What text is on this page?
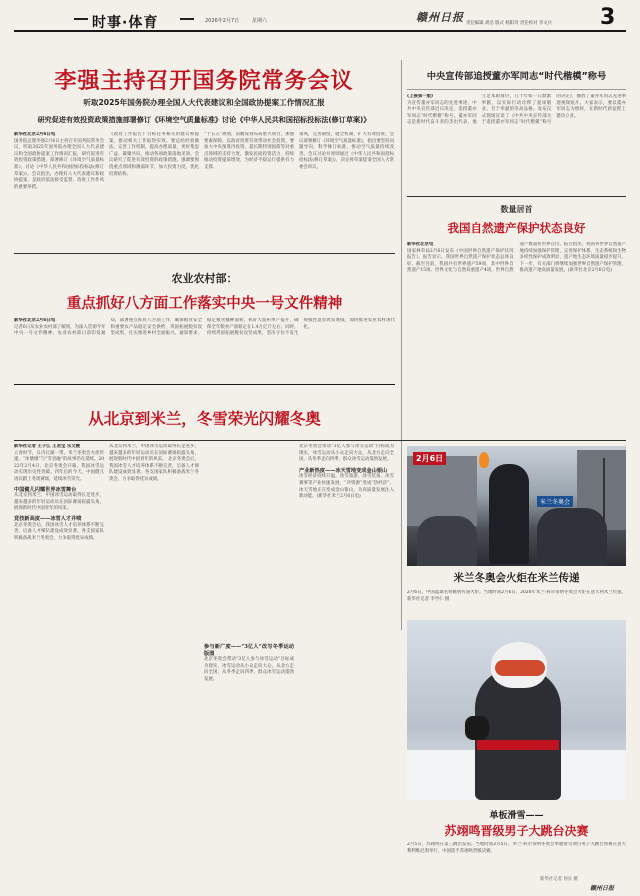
时事·体育	2026年2月7日	星期六	赣州日报 责任编辑 胡浩 版式 杨阳诗 责任校对 李文兵 3
李强主持召开国务院常务会议
听取2025年国务院办理全国人大代表建议和全国政协提案工作情况汇报
研究促进有效投资政策措施部署修订《环境空气质量标准》讨论《中华人民共和国招标投标法(修订草案)》
新华社北京2月6日电
国务院总理李强2月6日主持召开国务院常务会议，听取2025年国务院办理全国人大代表建议和全国政协提案工作情况汇报，研究促进有效投资政策措施，部署修订《环境空气质量标准》，讨论《中华人民共和国招标投标法(修订草案)》。会议指出，办理好人大代表建议和政协提案，是政府依法接受监督、改进工作作风的重要举措。
《政府工作报告》目标任务相关的建议和提案，推动相关工作取得实效。要总结经验做法，完善工作机制，提高办理质量，更好集思广益、凝聚共识，推动各项政策落地见效。会议研究了促进有效投资的政策措施，强调要围绕重点领域和薄弱环节，加大投资力度，优化投资结构。
“十五五”规划，前瞻谋划布局重大项目，加强要素保障，以政府投资有效带动社会投资。要加大中央预算内投资、超长期特别国债等对重点领域的支持力度，激发民间投资活力，持续推动投资提质增效，为经济平稳运行提供有力支撑。
领域，完善制度，健全机制，扩大有效投资。会议部署修订《环境空气质量标准》，指出要坚持问题导向，科学修订标准，推动空气质量持续改善。会议讨论并原则通过《中华人民共和国招标投标法(修订草案)》，决定将草案提请全国人大常委会审议。
中央宣传部追授董亦军同志“时代楷模”称号
(上接第一版)
为宣传董亦军同志的先进事迹，中共中央宣传部近日决定，追授董亦军同志“时代楷模”称号。董亦军同志是新时代奋斗者的杰出代表，他立足本职岗位，几十年如一日默默奉献，以实际行动诠释了爱岗敬业、甘于奉献的崇高品格。发布仪式现场宣读了《中共中央宣传部关于追授董亦军同志“时代楷模”称号的决定》，播放了董亦军同志先进事迹视频短片。大家表示，要以董亦军同志为榜样，在新时代新征程上建功立业。
数量居首
我国自然遗产保护状态良好
新华社北京电
国家林草局2月6日发布《中国世界自然遗产保护状况报告》，报告显示，我国世界自然遗产保护状态总体良好。截至目前，我国共有世界遗产59项，其中世界自然遗产15项、世界文化与自然双重遗产4项，世界自然遗产数量居世界首位。报告指出，我国各世界自然遗产地持续加强保护管理，完善保护体系，生态系统和生物多样性保护成效明显，遗产地生态环境质量稳步提升。下一步，有关部门将继续加强世界自然遗产保护管理，推动遗产地高质量发展。(新华社北京2月6日电)
农业农村部：
重点抓好八方面工作落实中央一号文件精神
新华社北京2月6日电
记者6日从农业农村部了解到，为深入贯彻今年中央一号文件精神，农业农村部日前印发通知，部署重点抓好八方面工作，确保粮食安全和重要农产品稳定安全供给，巩固拓展脱贫攻坚成果，扎实推进乡村全面振兴。通知要求，稳定粮食播种面积，抓好大面积单产提升，确保全年粮食产量稳定在1.4万亿斤左右。同时，持续巩固拓展脱贫攻坚成果，坚决守住不发生规模性返贫致贫底线，加快推进农业农村现代化。
从北京到米兰，冬雪荣光闪耀冬奥
新华社记者 王子江 王君宝 乐文婉
立春时节，日内瓦湖一带，米兰冬奥会火炬传递。“冰墩墩”与“雪容融”的故事仍在延续。2022年2月4日，北京冬奥会开幕，我国冰雪运动实现历史性突破。四年后的今天，中国健儿再次踏上冬奥赛场，延续冰雪荣光。
中国健儿闪耀世界冰雪舞台
从北京到米兰，中国冰雪运动取得长足进步，越来越多的年轻运动员在国际赛场崭露头角，展现新时代中国青年的风采。
竞技新高度——冰雪人才井喷
北京冬奥会后，我国冰雪人才培养体系不断完善，后备人才梯队建设成效显著。各支国家队积极备战米兰冬奥会，力争取得优异成绩。
从北京到米兰，中国冰雪运动取得长足进步，越来越多的年轻运动员在国际赛场崭露头角，展现新时代中国青年的风采。 北京冬奥会后，我国冰雪人才培养体系不断完善，后备人才梯队建设成效显著。各支国家队积极备战米兰冬奥会，力争取得优异成绩。
参与新广度——“3亿人”改写冬季运动版图
北京冬奥会带动“3亿人参与冰雪运动”目标成为现实，冰雪运动从小众走向大众，从北方走向全国，从冬季走向四季，群众冰雪运动蓬勃发展。
北京冬奥会带动“3亿人参与冰雪运动”目标成为现实，冰雪运动从小众走向大众，从北方走向全国，从冬季走向四季，群众冰雪运动蓬勃发展。
产业新热度——冰天雪地变成金山银山
冰雪经济持续升温，冰雪旅游、冰雪装备、冰雪赛事等产业快速发展，“冷资源”变成“热经济”，冰天雪地正在变成金山银山，为高质量发展注入新动能。(新华社米兰2月6日电)
2月6日
米兰冬奥会
米兰冬奥会火炬在米兰传递
2月6日，中国篮球名将姚明传递火炬。当地时间2月6日，2026年米兰-科尔蒂纳冬奥会火炬在意大利米兰传递。新华社记者 李学仁 摄
单板滑雪——
苏翊鸣晋级男子大跳台决赛
2月5日，苏翊鸣在第三跳出发前。当地时间2月5日，米兰-科尔蒂纳冬奥会单板滑雪项目男子大跳台预赛在意大利利维尼奥举行，中国选手苏翊鸣晋级决赛。
新华社记者 何长 摄
赣州日报
